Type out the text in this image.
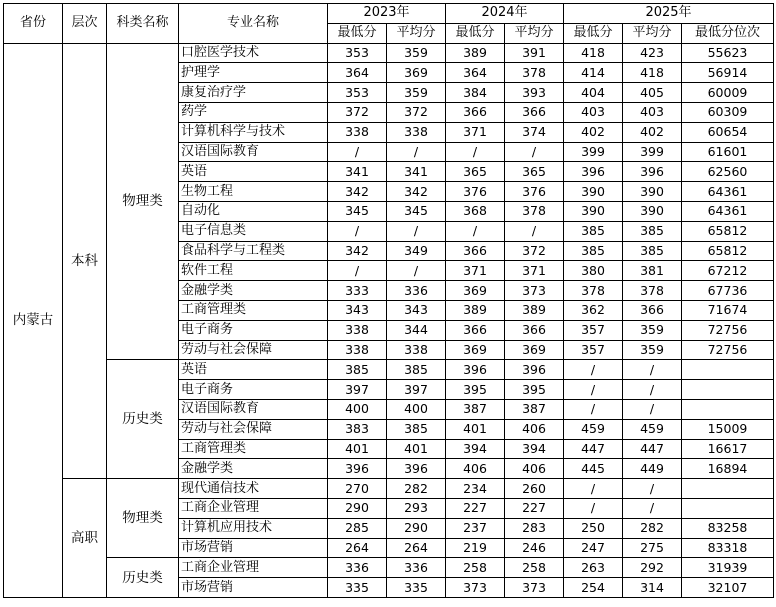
省份	层次	科类名称	专业名称	2023年		2024年		2025年		
				最低分	平均分	最低分	平均分	最低分	平均分	最低分位次
内蒙古	本科	物理类	口腔医学技术	353	359	389	391	418	423	55623
			护理学	364	369	364	378	414	418	56914
			康复治疗学	353	359	384	393	404	405	60009
			药学	372	372	366	366	403	403	60309
			计算机科学与技术	338	338	371	374	402	402	60654
			汉语国际教育	/	/	/	/	399	399	61601
			英语	341	341	365	365	396	396	62560
			生物工程	342	342	376	376	390	390	64361
			自动化	345	345	368	378	390	390	64361
			电子信息类	/	/	/	/	385	385	65812
			食品科学与工程类	342	349	366	372	385	385	65812
			软件工程	/	/	371	371	380	381	67212
			金融学类	333	336	369	373	378	378	67736
			工商管理类	343	343	389	389	362	366	71674
			电子商务	338	344	366	366	357	359	72756
			劳动与社会保障	338	338	369	369	357	359	72756
		历史类	英语	385	385	396	396	/	/	
			电子商务	397	397	395	395	/	/	
			汉语国际教育	400	400	387	387	/	/	
			劳动与社会保障	383	385	401	406	459	459	15009
			工商管理类	401	401	394	394	447	447	16617
			金融学类	396	396	406	406	445	449	16894
	高职	物理类	现代通信技术	270	282	234	260	/	/	
			工商企业管理	290	293	227	227	/	/	
			计算机应用技术	285	290	237	283	250	282	83258
			市场营销	264	264	219	246	247	275	83318
		历史类	工商企业管理	336	336	258	258	263	292	31939
			市场营销	335	335	373	373	254	314	32107
